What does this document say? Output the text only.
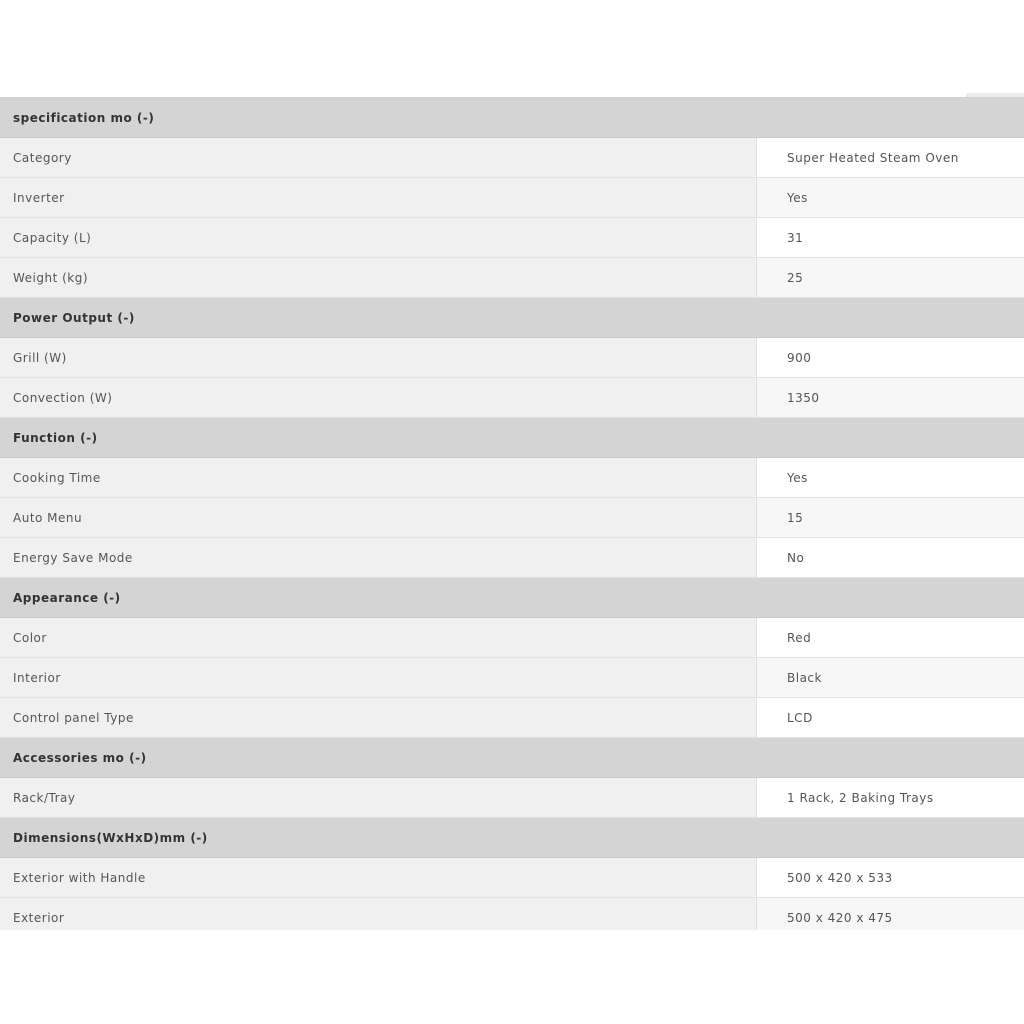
specification mo (-)
Category	Super Heated Steam Oven
Inverter	Yes
Capacity (L)	31
Weight (kg)	25
Power Output (-)
Grill (W)	900
Convection (W)	1350
Function (-)
Cooking Time	Yes
Auto Menu	15
Energy Save Mode	No
Appearance (-)
Color	Red
Interior	Black
Control panel Type	LCD
Accessories mo (-)
Rack/Tray	1 Rack, 2 Baking Trays
Dimensions(WxHxD)mm (-)
Exterior with Handle	500 x 420 x 533
Exterior	500 x 420 x 475
